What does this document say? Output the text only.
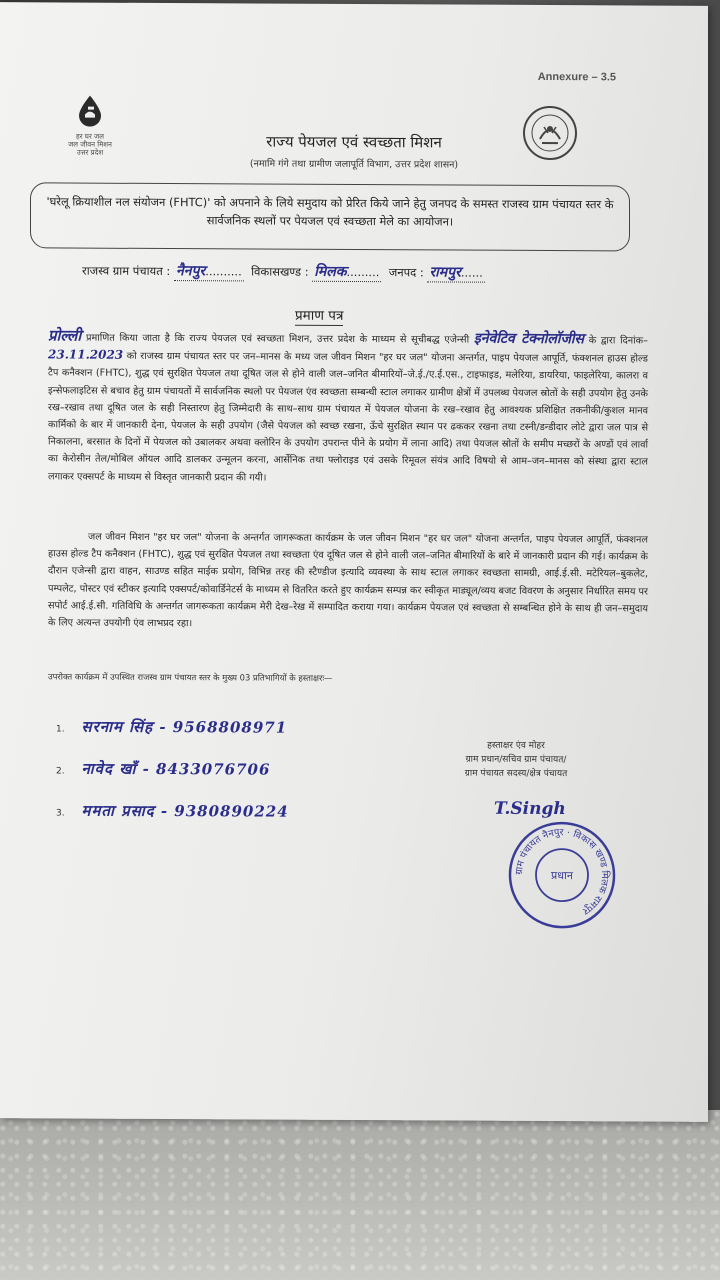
Annexure – 3.5
हर घर जल
जल जीवन मिशन
उत्तर प्रदेश
राज्य पेयजल एवं स्वच्छता मिशन
(नमामि गंगे तथा ग्रामीण जलापूर्ति विभाग, उत्तर प्रदेश शासन)
'घरेलू क्रियाशील नल संयोजन (FHTC)' को अपनाने के लिये समुदाय को प्रेरित किये जाने हेतु जनपद के समस्त राजस्व ग्राम पंचायत स्तर के सार्वजनिक स्थलों पर पेयजल एवं स्वच्छता मेले का आयोजन।
राजस्व ग्राम पंचायत : नैनपुर.......... विकासखण्ड : मिलक......... जनपद : रामपुर......
प्रमाण पत्र
प्रोल्ली प्रमाणित किया जाता है कि राज्य पेयजल एवं स्वच्छता मिशन, उत्तर प्रदेश के माध्यम से सूचीबद्ध एजेन्सी इनेवेटिव टेक्नोलॉजीस के द्वारा दिनांक–23.11.2023 को राजस्व ग्राम पंचायत स्तर पर जन–मानस के मध्य जल जीवन मिशन "हर घर जल" योजना अन्तर्गत, पाइप पेयजल आपूर्ति, फंक्शनल हाउस होल्ड टैप कनैक्शन (FHTC), शुद्ध एवं सुरक्षित पेयजल तथा दूषित जल से होने वाली जल–जनित बीमारियों–जे.ई./ए.ई.एस., टाइफाइड, मलेरिया, डायरिया, फाइलेरिया, कालरा व इन्सेफलाइटिस से बचाव हेतु ग्राम पंचायतों में सार्वजनिक स्थलो पर पेयजल एंव स्वच्छता सम्बन्धी स्टाल लगाकर ग्रामीण क्षेत्रों में उपलब्ध पेयजल स्रोतों के सही उपयोग हेतु उनके रख–रखाव तथा दूषित जल के सही निस्तारण हेतु जिम्मेदारी के साथ–साथ ग्राम पंचायत में पेयजल योजना के रख–रखाव हेतु आवश्यक प्रशिक्षित तकनीकी/कुशल मानव कार्मिको के बार में जानकारी देना, पेयजल के सही उपयोग (जैसे पेयजल को स्वच्छ रखना, ऊँचे सुरक्षित स्थान पर ढककर रखना तथा टस्नी/डन्डीदार लोटे द्वारा जल पात्र से निकालना, बरसात के दिनों में पेयजल को उबालकर अथवा क्लोरिन के उपयोग उपरान्त पीने के प्रयोग में लाना आदि) तथा पेयजल स्रोतों के समीप मच्छरों के अण्डों एवं लार्वा का केरोसीन तेल/मोबिल ऑयल आदि डालकर उन्मूलन करना, आर्सेनिक तथा फ्लोराइड एवं उसके रिमूवल संयंत्र आदि विषयो से आम–जन–मानस को संस्था द्वारा स्टाल लगाकर एक्सपर्ट के माध्यम से विस्तृत जानकारी प्रदान की गयी।
जल जीवन मिशन "हर घर जल" योजना के अन्तर्गत जागरूकता कार्यक्रम के जल जीवन मिशन "हर घर जल" योजना अन्तर्गत, पाइप पेयजल आपूर्ति, फंक्शनल हाउस होल्ड टैप कनैक्शन (FHTC), शुद्ध एवं सुरक्षित पेयजल तथा स्वच्छता एंव दूषित जल से होने वाली जल–जनित बीमारियों के बारे में जानकारी प्रदान की गई। कार्यक्रम के दौरान एजेन्सी द्वारा वाहन, साउण्ड सहित माईक प्रयोग, विभिन्न तरह की स्टैण्डीज इत्यादि व्यवस्था के साथ स्टाल लगाकर स्वच्छता सामग्री, आई.ई.सी. मटेरियल–बुकलेट, पम्पलेट, पोस्टर एवं स्टीकर इत्यादि एक्सपर्ट/कोवार्डिनेटर्स के माध्यम से वितरित करते हुए कार्यक्रम सम्पन्न कर स्वीकृत माड्यूल/व्यय बजट विवरण के अनुसार निर्धारित समय पर सपोर्ट आई.ई.सी. गतिविधि के अन्तर्गत जागरूकता कार्यक्रम मेरी देख–रेख में सम्पादित कराया गया। कार्यक्रम पेयजल एवं स्वच्छता से सम्बन्धित होने के साथ ही जन–समुदाय के लिए अत्यन्त उपयोगी एंव लाभप्रद रहा।
उपरोक्त कार्यक्रम में उपस्थित राजस्व ग्राम पंचायत स्तर के मुख्य 03 प्रतिभागियों के हस्ताक्षरः—
1. सरनाम सिंह - 9568808971
2. नावेद खाँ - 8433076706
3. ममता प्रसाद - 9380890224
हस्ताक्षर एंव मोहर
ग्राम प्रधान/सचिव ग्राम पंचायत/
ग्राम पंचायत सदस्य/क्षेत्र पंचायत
T.Singh
ग्राम पंचायत नैनपुर · विकास खण्ड मिलक रामपुर
प्रधान
